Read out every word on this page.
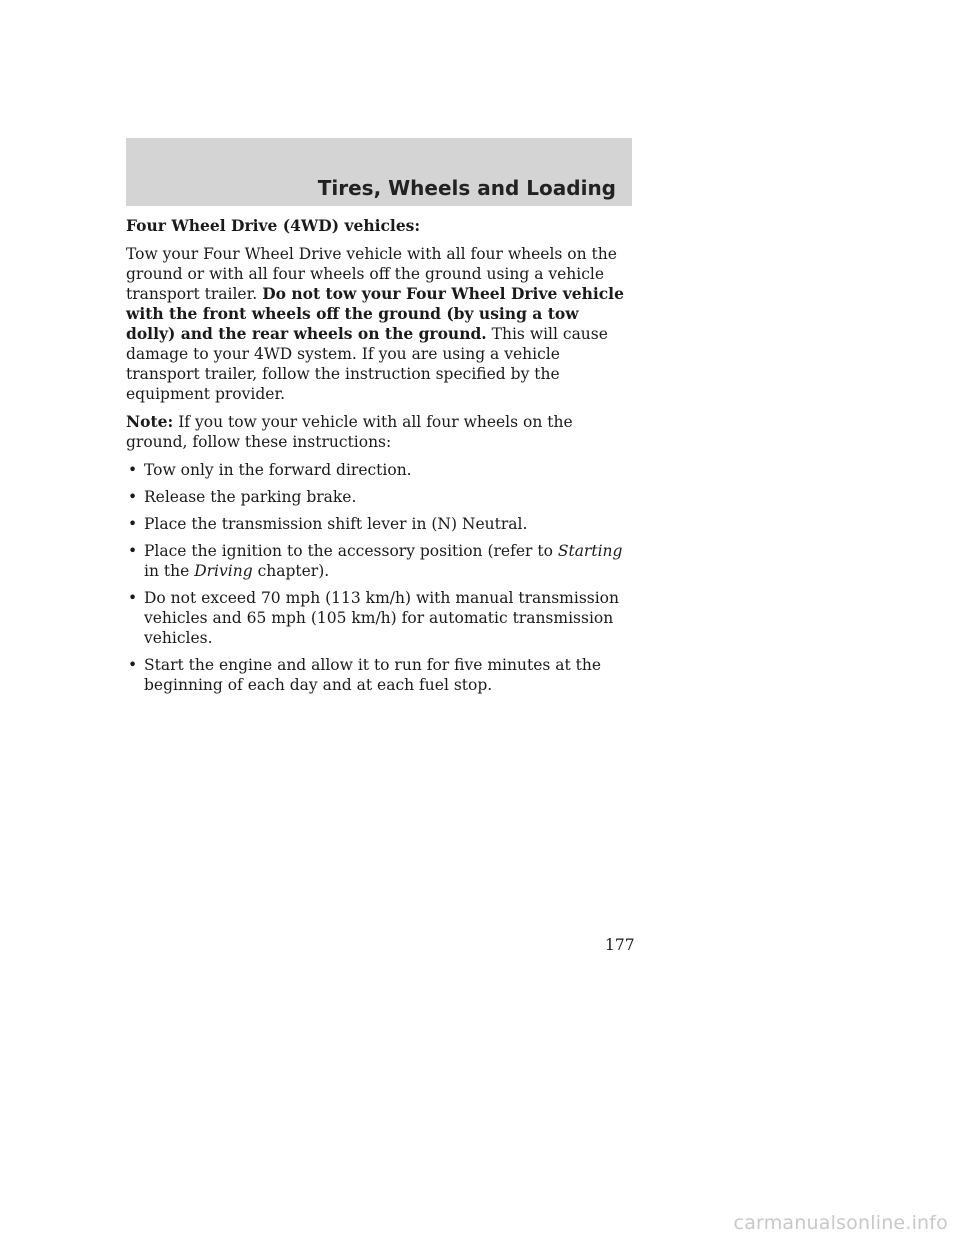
Tires, Wheels and Loading

Four Wheel Drive (4WD) vehicles:

Tow your Four Wheel Drive vehicle with all four wheels on the ground or with all four wheels off the ground using a vehicle transport trailer. Do not tow your Four Wheel Drive vehicle with the front wheels off the ground (by using a tow dolly) and the rear wheels on the ground. This will cause damage to your 4WD system. If you are using a vehicle transport trailer, follow the instruction specified by the equipment provider.

Note: If you tow your vehicle with all four wheels on the ground, follow these instructions:

• Tow only in the forward direction.
• Release the parking brake.
• Place the transmission shift lever in (N) Neutral.
• Place the ignition to the accessory position (refer to Starting in the Driving chapter).
• Do not exceed 70 mph (113 km/h) with manual transmission vehicles and 65 mph (105 km/h) for automatic transmission vehicles.
• Start the engine and allow it to run for five minutes at the beginning of each day and at each fuel stop.
177
carmanualsonline.info
